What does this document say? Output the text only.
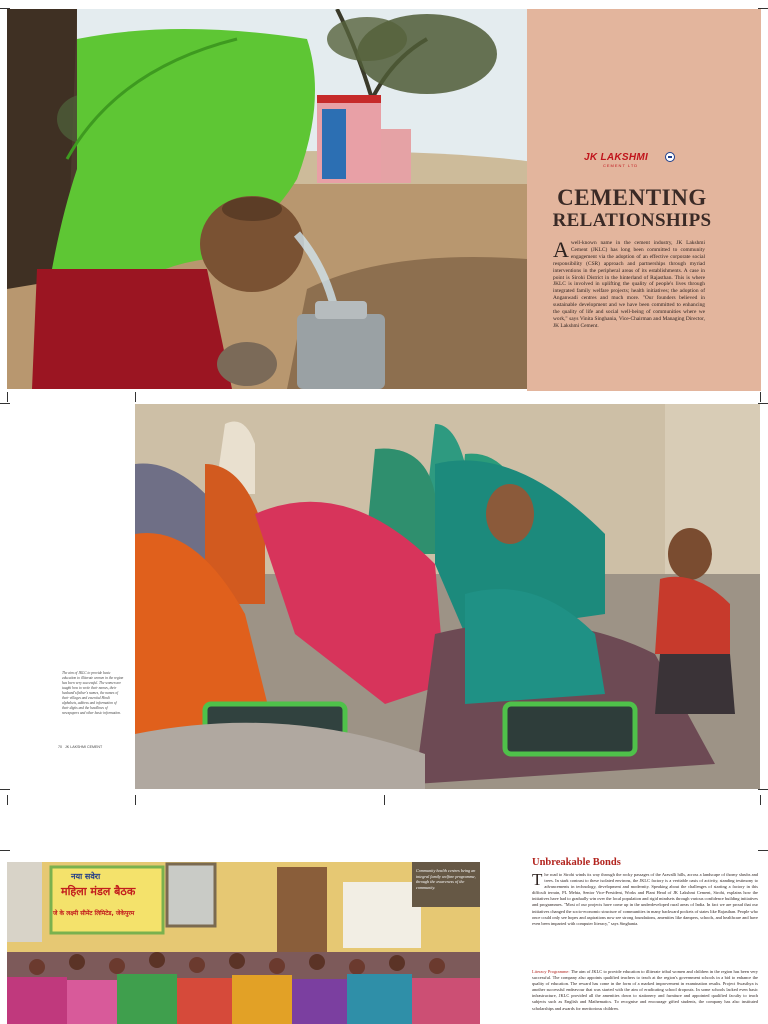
JK LAKSHMI
CEMENT LTD
CEMENTING
RELATIONSHIPS

Awell-known name in the cement industry, JK Lakshmi Cement (JKLC) has long been committed to community engagement via the adoption of an effective corporate social responsibility (CSR) approach and partnerships through myriad interventions in the peripheral areas of its establishments. A case in point is Sirohi District in the hinterland of Rajasthan. This is where JKLC is involved in uplifting the quality of people's lives through integrated family welfare projects; health initiatives; the adoption of Anganwadi centres and much more. "Our founders believed in sustainable development and we have been committed to enhancing the quality of life and social well-being of communities where we work," says Vinita Singhania, Vice-Chairman and Managing Director, JK Lakshmi Cement.

The aim of JKLC to provide basic education to illiterate women in the region has been very successful. The women are taught how to write their names, their husband's/father's names, the names of their villages and essential Hindi alphabets, address and information of their digits and the headlines of newspapers and other basic information.

70 JK LAKSHMI CEMENT
नया सवेरा
महिला मंडल बैठक
जे के लक्ष्मी सीमेंट लिमिटेड, जेकेपुरम

Community health centres being an integral family welfare programme, through the awareness of the community.

Unbreakable Bonds

The road to Sirohi winds its way through the rocky passages of the Aravalli hills, across a landscape of thorny shrubs and trees. In stark contrast to these isolated environs, the JKLC factory is a veritable oasis of activity, standing testimony to advancements in technology, development and modernity. Speaking about the challenges of starting a factory in this difficult terrain, PL Mehta, Senior Vice-President, Works and Plant Head of JK Lakshmi Cement, Sirohi, explains how the initiatives have had to gradually win over the local population and rigid mindsets through various confidence building initiatives and programmes. "Most of our projects have come up in the underdeveloped rural areas of India. In fact we are proud that our initiatives changed the socio-economic structure of communities in many backward pockets of states like Rajasthan. People who once could only see hopes and aspirations now see strong foundations, amenities like dampers, schools, and healthcare and have even been imparted with computer literacy," says Singhania.

Literacy Programme: The aim of JKLC to provide education to illiterate tribal women and children in the region has been very successful. The company also appoints qualified teachers to teach at the region's government schools in a bid to enhance the quality of education. The reward has come in the form of a marked improvement in examination results. Project Swasthya is another successful endeavour that was started with the aim of eradicating school dropouts. In some schools lacked even basic infrastructure, JKLC provided all the amenities down to stationery and furniture and appointed qualified faculty to teach subjects such as English and Mathematics. To recognise and encourage gifted students, the company has also instituted scholarships and awards for meritorious children.
